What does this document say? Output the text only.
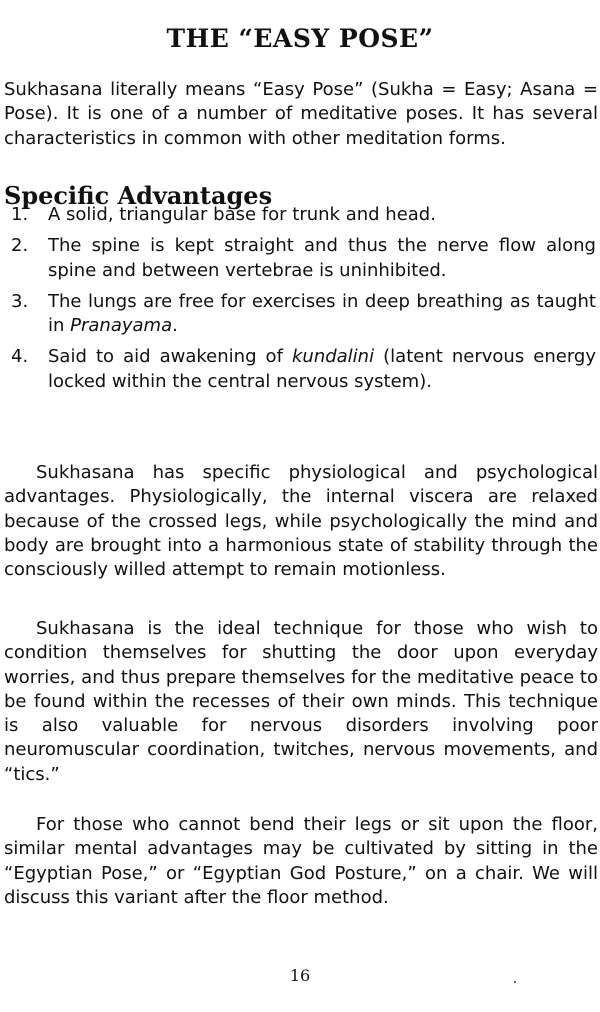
THE “EASY POSE”

Sukhasana literally means “Easy Pose” (Sukha = Easy; Asana = Pose). It is one of a number of meditative poses. It has several characteristics in common with other meditation forms.

Specific Advantages
1. A solid, triangular base for trunk and head.
2. The spine is kept straight and thus the nerve flow along spine and between vertebrae is uninhibited.
3. The lungs are free for exercises in deep breathing as taught in Pranayama.
4. Said to aid awakening of kundalini (latent nervous energy locked within the central nervous system).

Sukhasana has specific physiological and psychological advantages. Physiologically, the internal viscera are relaxed because of the crossed legs, while psychologically the mind and body are brought into a harmonious state of stability through the consciously willed attempt to remain motionless.

Sukhasana is the ideal technique for those who wish to condition themselves for shutting the door upon everyday worries, and thus prepare themselves for the meditative peace to be found within the recesses of their own minds. This technique is also valuable for nervous disorders involving poor neuromuscular coordination, twitches, nervous movements, and “tics.”

For those who cannot bend their legs or sit upon the floor, similar mental advantages may be cultivated by sitting in the “Egyptian Pose,” or “Egyptian God Posture,” on a chair. We will discuss this variant after the floor method.

16
